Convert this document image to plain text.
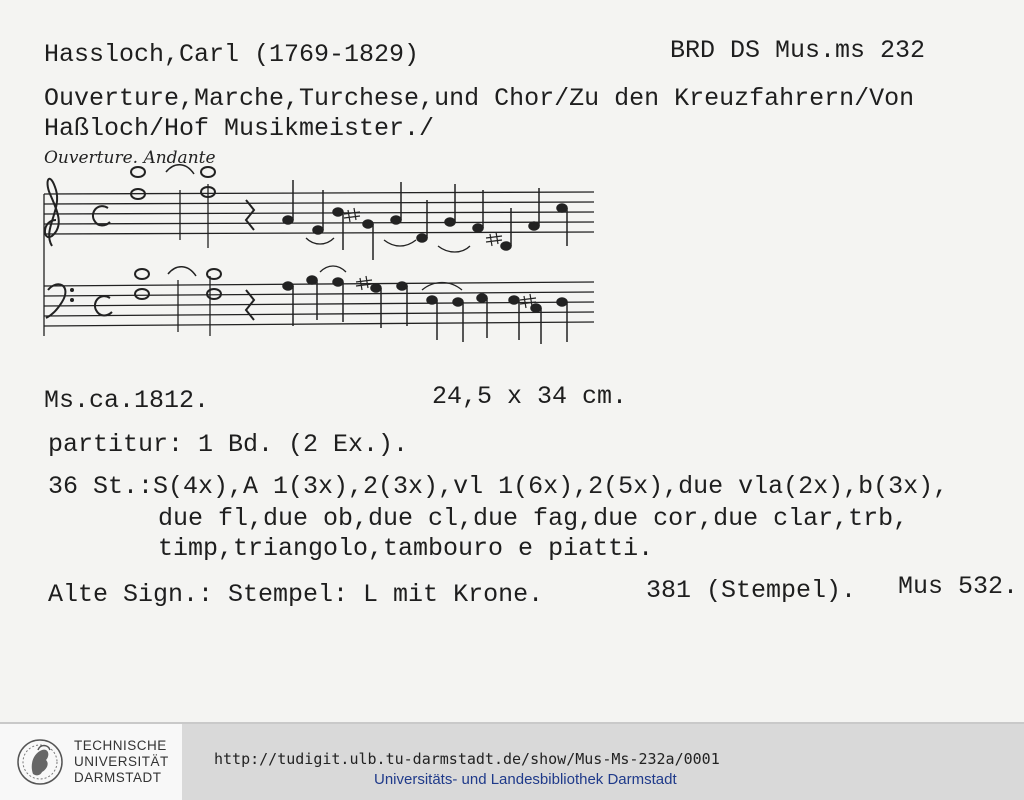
Hassloch,Carl (1769-1829)	BRD DS Mus.ms 232
Ouverture,Marche,Turchese,und Chor/Zu den Kreuzfahrern/Von
Haßloch/Hof Musikmeister./
Ouverture. Andante
Ms.ca.1812.	24,5 x 34 cm.
partitur: 1 Bd. (2 Ex.).
36 St.:S(4x),A 1(3x),2(3x),vl 1(6x),2(5x),due vla(2x),b(3x),
due fl,due ob,due cl,due fag,due cor,due clar,trb,
timp,triangolo,tambouro e piatti.
Alte Sign.: Stempel: L mit Krone.	381 (Stempel). Mus 532.
TECHNISCHE
UNIVERSITÄT
DARMSTADT
http://tudigit.ulb.tu-darmstadt.de/show/Mus-Ms-232a/0001
Universitäts- und Landesbibliothek Darmstadt
